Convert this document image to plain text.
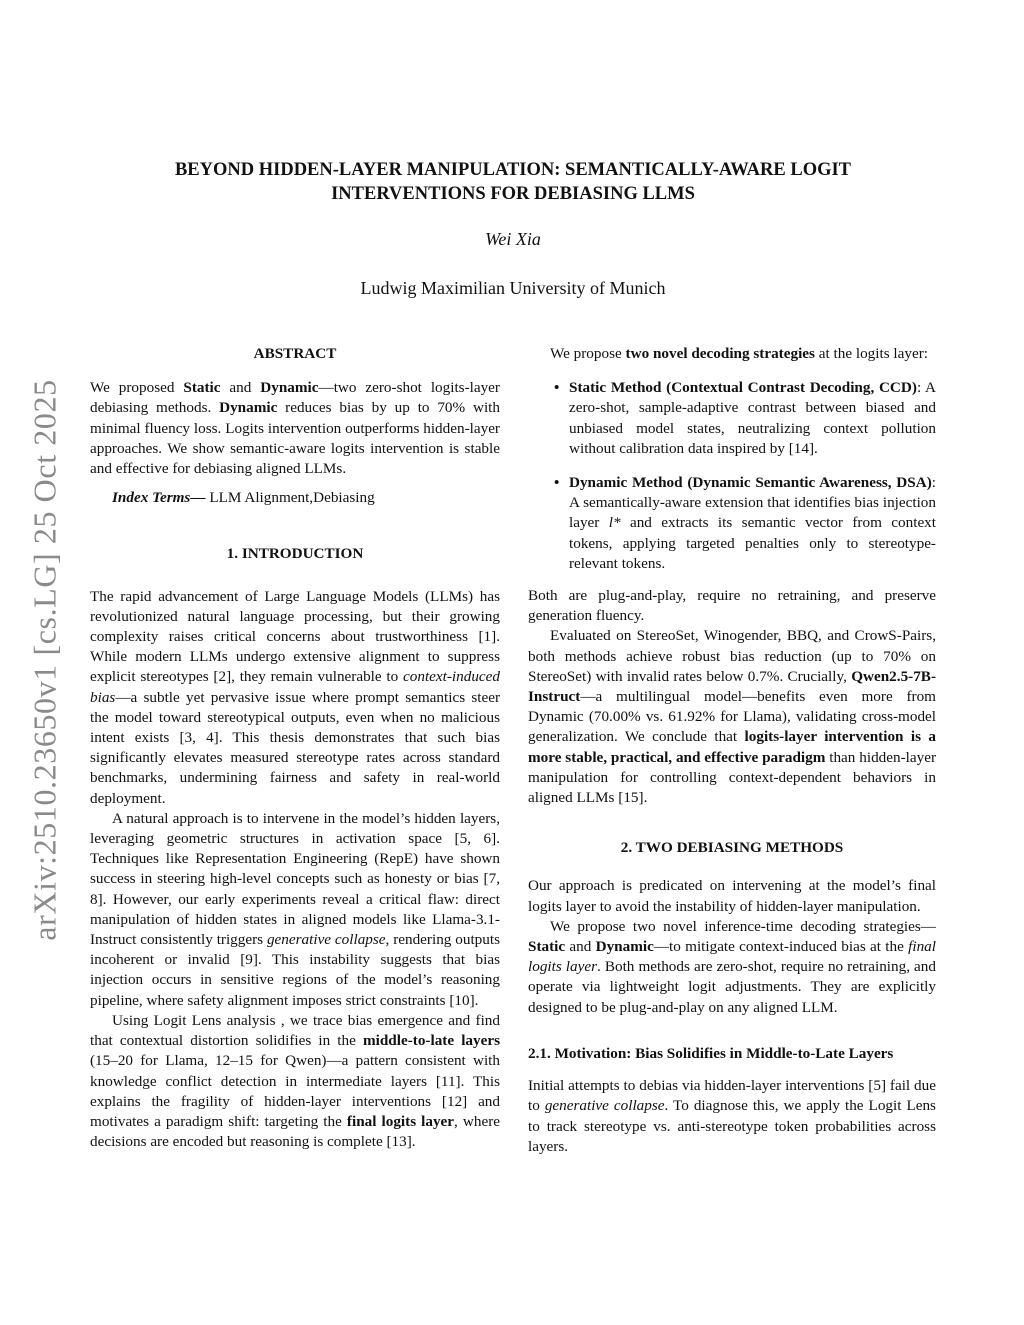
arXiv:2510.23650v1 [cs.LG] 25 Oct 2025
BEYOND HIDDEN-LAYER MANIPULATION: SEMANTICALLY-AWARE LOGIT
INTERVENTIONS FOR DEBIASING LLMS

Wei Xia

Ludwig Maximilian University of Munich

ABSTRACT

We proposed Static and Dynamic—two zero-shot logits-layer debiasing methods. Dynamic reduces bias by up to 70% with minimal fluency loss. Logits intervention outperforms hidden-layer approaches. We show semantic-aware logits intervention is stable and effective for debiasing aligned LLMs.

Index Terms— LLM Alignment,Debiasing

1. INTRODUCTION

The rapid advancement of Large Language Models (LLMs) has revolutionized natural language processing, but their growing complexity raises critical concerns about trustworthiness [1]. While modern LLMs undergo extensive alignment to suppress explicit stereotypes [2], they remain vulnerable to context-induced bias—a subtle yet pervasive issue where prompt semantics steer the model toward stereotypical outputs, even when no malicious intent exists [3, 4]. This thesis demonstrates that such bias significantly elevates measured stereotype rates across standard benchmarks, undermining fairness and safety in real-world deployment.

A natural approach is to intervene in the model’s hidden layers, leveraging geometric structures in activation space [5, 6]. Techniques like Representation Engineering (RepE) have shown success in steering high-level concepts such as honesty or bias [7, 8]. However, our early experiments reveal a critical flaw: direct manipulation of hidden states in aligned models like Llama-3.1-Instruct consistently triggers generative collapse, rendering outputs incoherent or invalid [9]. This instability suggests that bias injection occurs in sensitive regions of the model’s reasoning pipeline, where safety alignment imposes strict constraints [10].

Using Logit Lens analysis , we trace bias emergence and find that contextual distortion solidifies in the middle-to-late layers (15–20 for Llama, 12–15 for Qwen)—a pattern consistent with knowledge conflict detection in intermediate layers [11]. This explains the fragility of hidden-layer interventions [12] and motivates a paradigm shift: targeting the final logits layer, where decisions are encoded but reasoning is complete [13].

We propose two novel decoding strategies at the logits layer:

• Static Method (Contextual Contrast Decoding, CCD): A zero-shot, sample-adaptive contrast between biased and unbiased model states, neutralizing context pollution without calibration data inspired by [14].
• Dynamic Method (Dynamic Semantic Awareness, DSA): A semantically-aware extension that identifies bias injection layer l* and extracts its semantic vector from context tokens, applying targeted penalties only to stereotype-relevant tokens.

Both are plug-and-play, require no retraining, and preserve generation fluency.

Evaluated on StereoSet, Winogender, BBQ, and CrowS-Pairs, both methods achieve robust bias reduction (up to 70% on StereoSet) with invalid rates below 0.7%. Crucially, Qwen2.5-7B-Instruct—a multilingual model—benefits even more from Dynamic (70.00% vs. 61.92% for Llama), validating cross-model generalization. We conclude that logits-layer intervention is a more stable, practical, and effective paradigm than hidden-layer manipulation for controlling context-dependent behaviors in aligned LLMs [15].

2. TWO DEBIASING METHODS

Our approach is predicated on intervening at the model’s final logits layer to avoid the instability of hidden-layer manipulation.

We propose two novel inference-time decoding strategies—Static and Dynamic—to mitigate context-induced bias at the final logits layer. Both methods are zero-shot, require no retraining, and operate via lightweight logit adjustments. They are explicitly designed to be plug-and-play on any aligned LLM.

2.1. Motivation: Bias Solidifies in Middle-to-Late Layers

Initial attempts to debias via hidden-layer interventions [5] fail due to generative collapse. To diagnose this, we apply the Logit Lens to track stereotype vs. anti-stereotype token probabilities across layers.
